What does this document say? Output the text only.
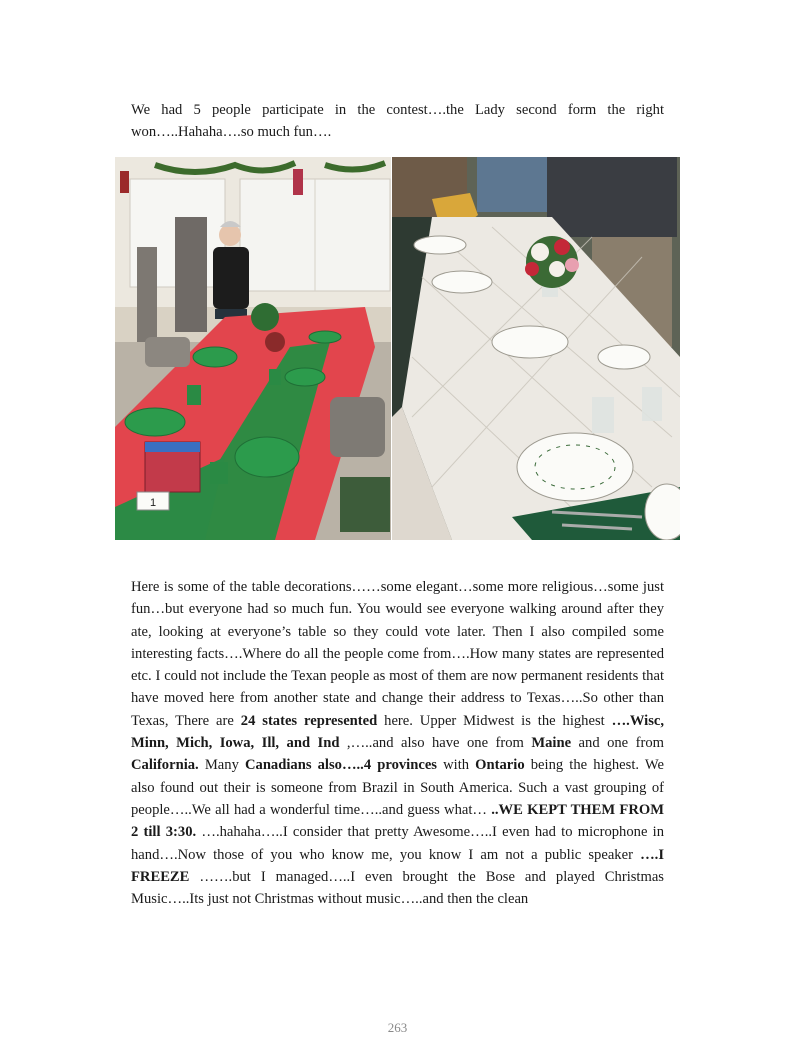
We had 5 people participate in the contest….the Lady second form the right won…..Hahaha….so much fun….

1

Here is some of the table decorations……some elegant…some more religious…some just fun…but everyone had so much fun. You would see everyone walking around after they ate, looking at everyone’s table so they could vote later. Then I also compiled some interesting facts….Where do all the people come from….How many states are represented etc. I could not include the Texan people as most of them are now permanent residents that have moved here from another state and change their address to Texas…..So other than Texas, There are 24 states represented here. Upper Midwest is the highest ….Wisc, Minn, Mich, Iowa, Ill, and Ind ,…..and also have one from Maine and one from California. Many Canadians also…..4 provinces with Ontario being the highest. We also found out their is someone from Brazil in South America. Such a vast grouping of people…..We all had a wonderful time…..and guess what… ..WE KEPT THEM FROM 2 till 3:30. ….hahaha…..I consider that pretty Awesome…..I even had to microphone in hand….Now those of you who know me, you know I am not a public speaker ….I FREEZE …….but I managed…..I even brought the Bose and played Christmas Music…..Its just not Christmas without music…..and then the clean

263
